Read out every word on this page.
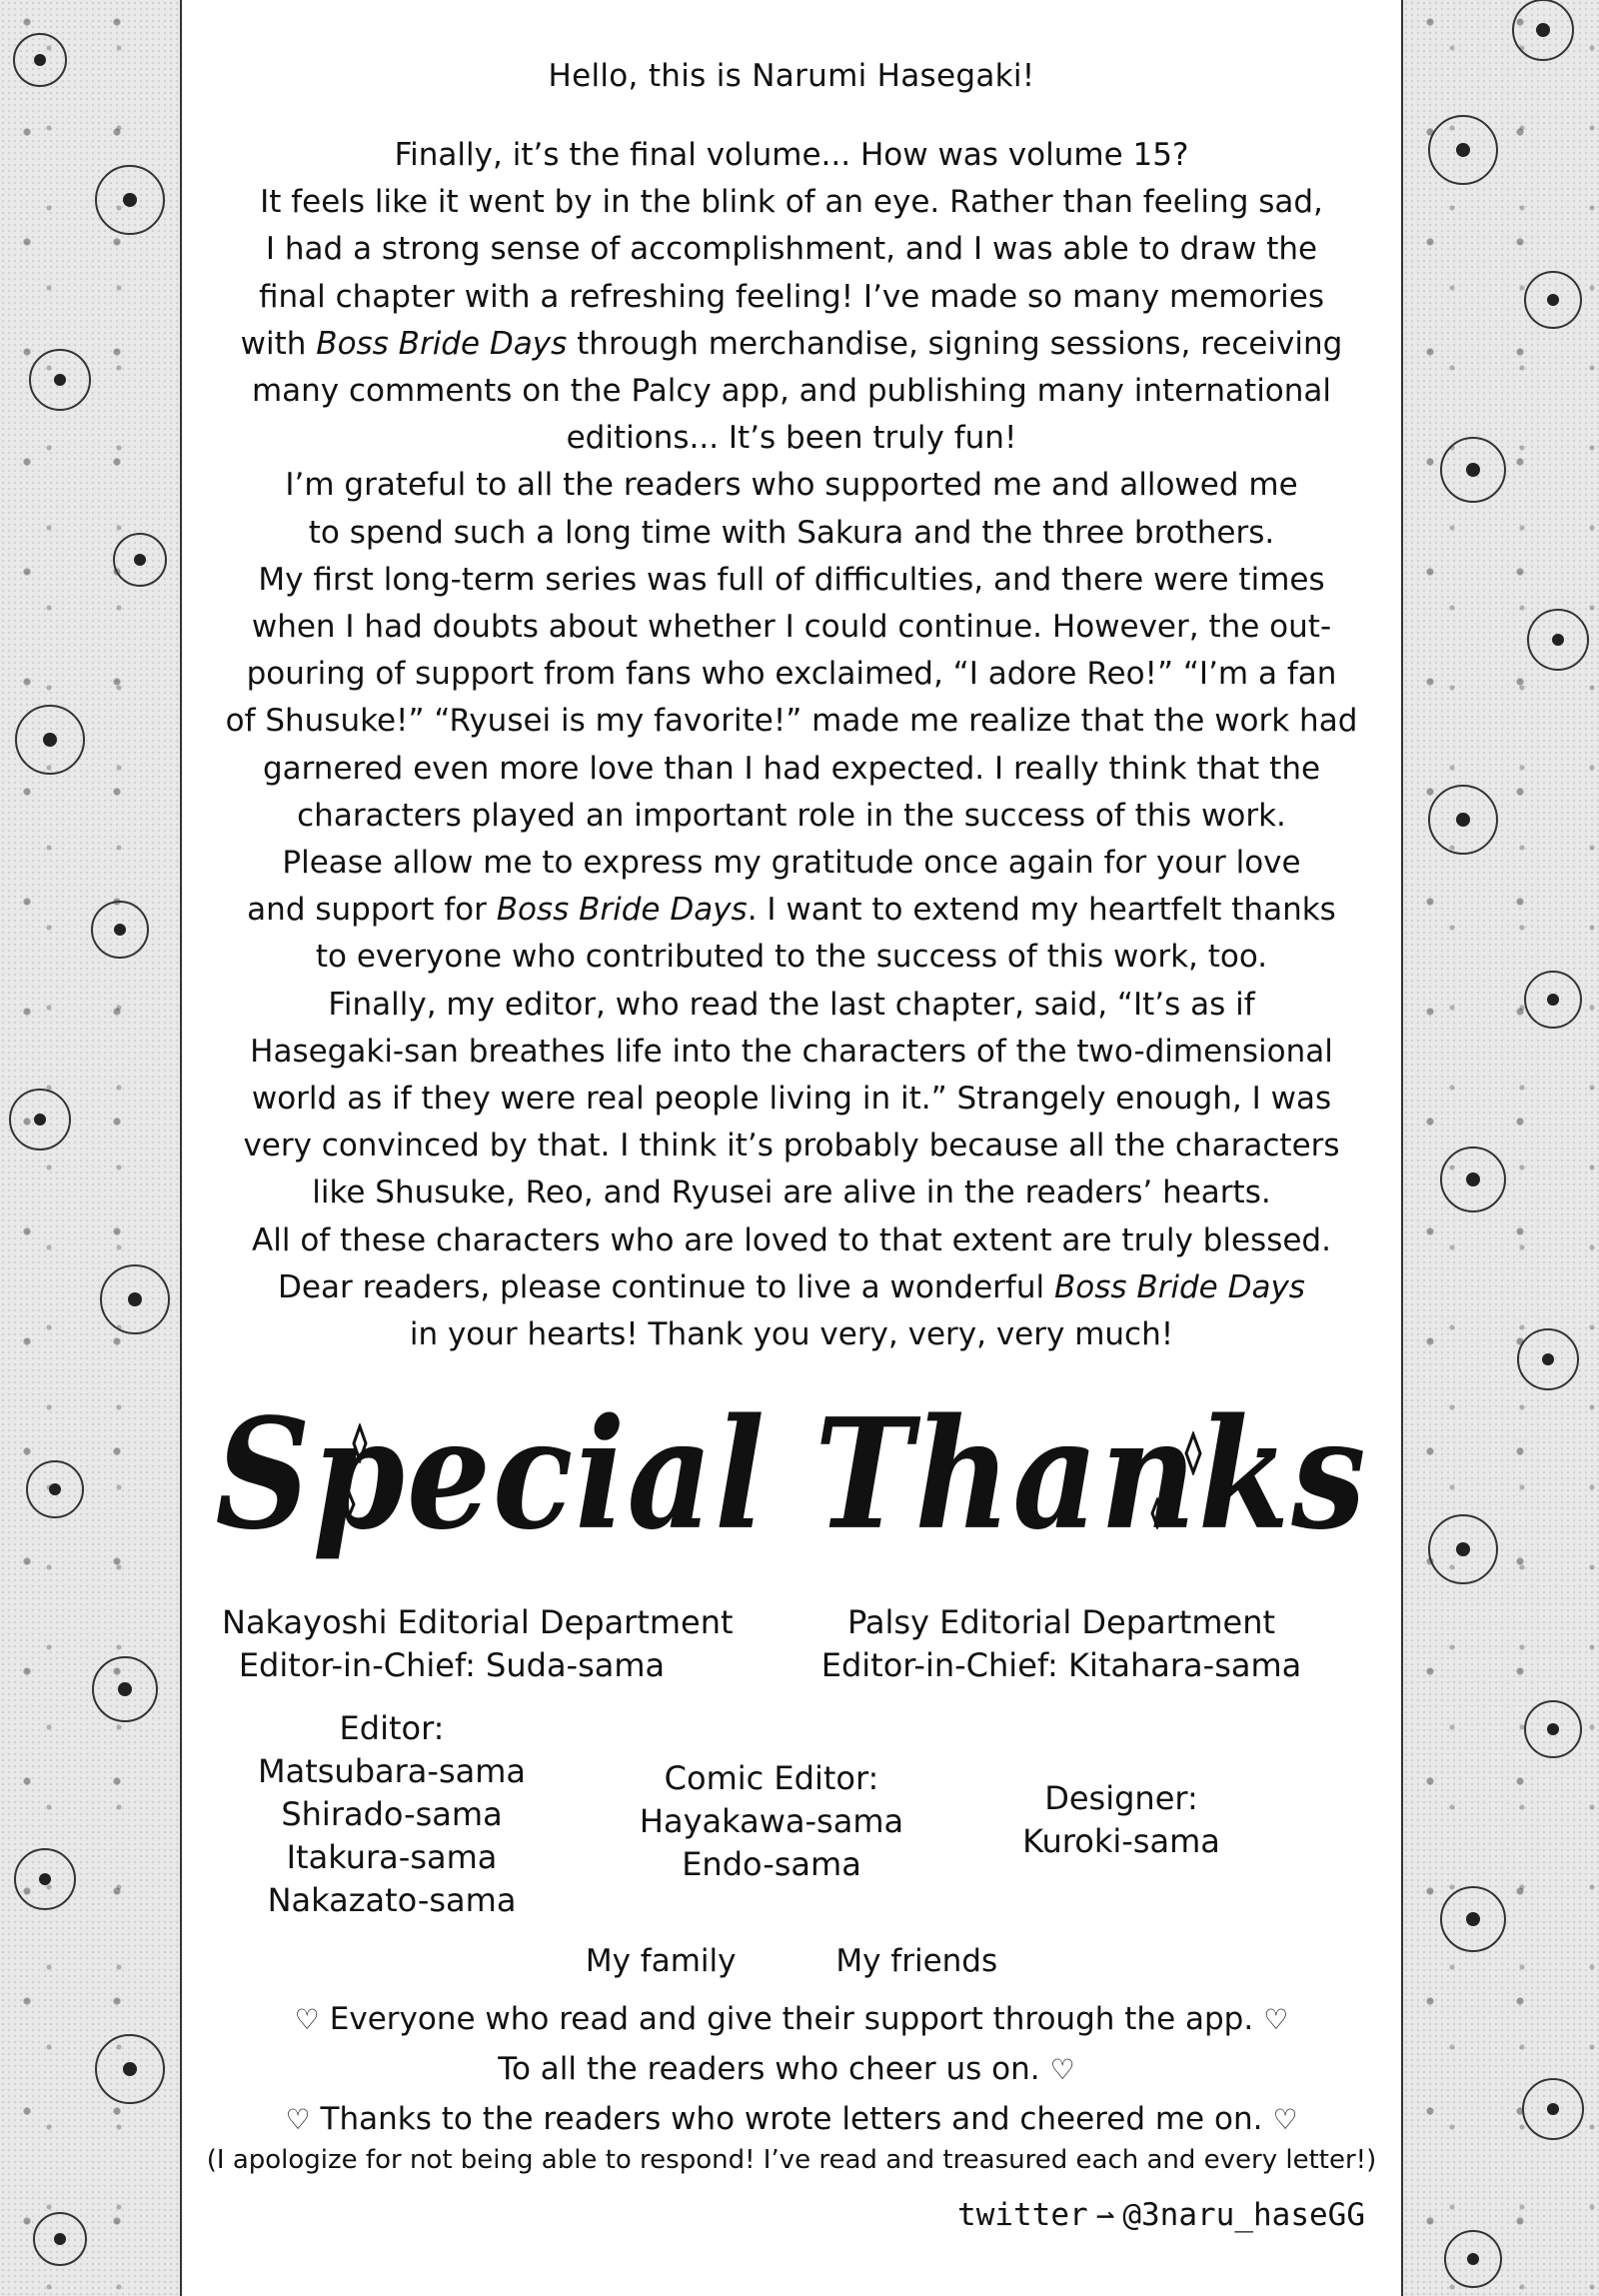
Hello, this is Narumi Hasegaki!
Finally, it’s the final volume... How was volume 15?
It feels like it went by in the blink of an eye. Rather than feeling sad,
I had a strong sense of accomplishment, and I was able to draw the
final chapter with a refreshing feeling! I’ve made so many memories
with Boss Bride Days through merchandise, signing sessions, receiving
many comments on the Palcy app, and publishing many international
editions... It’s been truly fun!
I’m grateful to all the readers who supported me and allowed me
to spend such a long time with Sakura and the three brothers.
My first long-term series was full of difficulties, and there were times
when I had doubts about whether I could continue. However, the out-
pouring of support from fans who exclaimed, “I adore Reo!” “I’m a fan
of Shusuke!” “Ryusei is my favorite!” made me realize that the work had
garnered even more love than I had expected. I really think that the
characters played an important role in the success of this work.
Please allow me to express my gratitude once again for your love
and support for Boss Bride Days. I want to extend my heartfelt thanks
to everyone who contributed to the success of this work, too.
Finally, my editor, who read the last chapter, said, “It’s as if
Hasegaki-san breathes life into the characters of the two-dimensional
world as if they were real people living in it.” Strangely enough, I was
very convinced by that. I think it’s probably because all the characters
like Shusuke, Reo, and Ryusei are alive in the readers’ hearts.
All of these characters who are loved to that extent are truly blessed.
Dear readers, please continue to live a wonderful Boss Bride Days
in your hearts! Thank you very, very, very much!
Special Thanks
Nakayoshi Editorial Department
Editor-in-Chief: Suda-sama
Palsy Editorial Department
Editor-in-Chief: Kitahara-sama
Editor:
Matsubara-sama
Shirado-sama
Itakura-sama
Nakazato-sama
Comic Editor:
Hayakawa-sama
Endo-sama
Designer:
Kuroki-sama
My family	My friends
♡ Everyone who read and give their support through the app. ♡
To all the readers who cheer us on. ♡
♡ Thanks to the readers who wrote letters and cheered me on. ♡
(I apologize for not being able to respond! I’ve read and treasured each and every letter!)
twitter ⇀ @3naru_haseGG
